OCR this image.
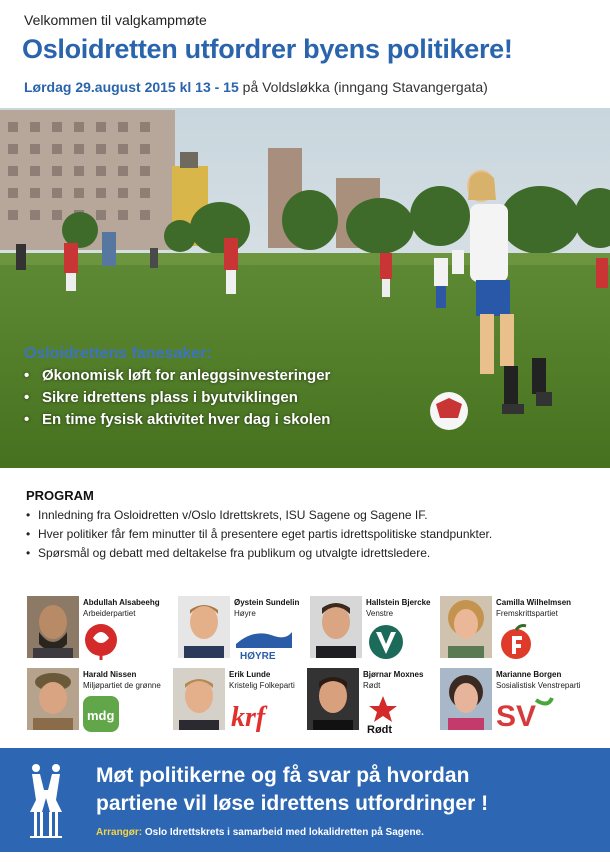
Velkommen til valgkampmøte
Osloidretten utfordrer byens politikere!
Lørdag 29.august 2015 kl 13 - 15 på Voldsløkka (inngang Stavangergata)
Osloidrettens fanesaker:
• Økonomisk løft for anleggsinvesteringer
• Sikre idrettens plass i byutviklingen
• En time fysisk aktivitet hver dag i skolen
PROGRAM
• Innledning fra Osloidretten v/Oslo Idrettskrets, ISU Sagene og Sagene IF.
• Hver politiker får fem minutter til å presentere eget partis idrettspolitiske standpunkter.
• Spørsmål og debatt med deltakelse fra publikum og utvalgte idrettsledere.
Abdullah Alsabeehg
Arbeiderpartiet
Øystein Sundelin
Høyre
HØYRE
Hallstein Bjercke
Venstre
Camilla Wilhelmsen
Fremskrittspartiet
Harald Nissen
Miljøpartiet de grønne
mdg
Erik Lunde
Kristelig Folkeparti
krf
Bjørnar Moxnes
Rødt
Rødt
Marianne Borgen
Sosialistisk Venstreparti
SV
Møt politikerne og få svar på hvordan
partiene vil løse idrettens utfordringer !
Arrangør: Oslo Idrettskrets i samarbeid med lokalidretten på Sagene.
